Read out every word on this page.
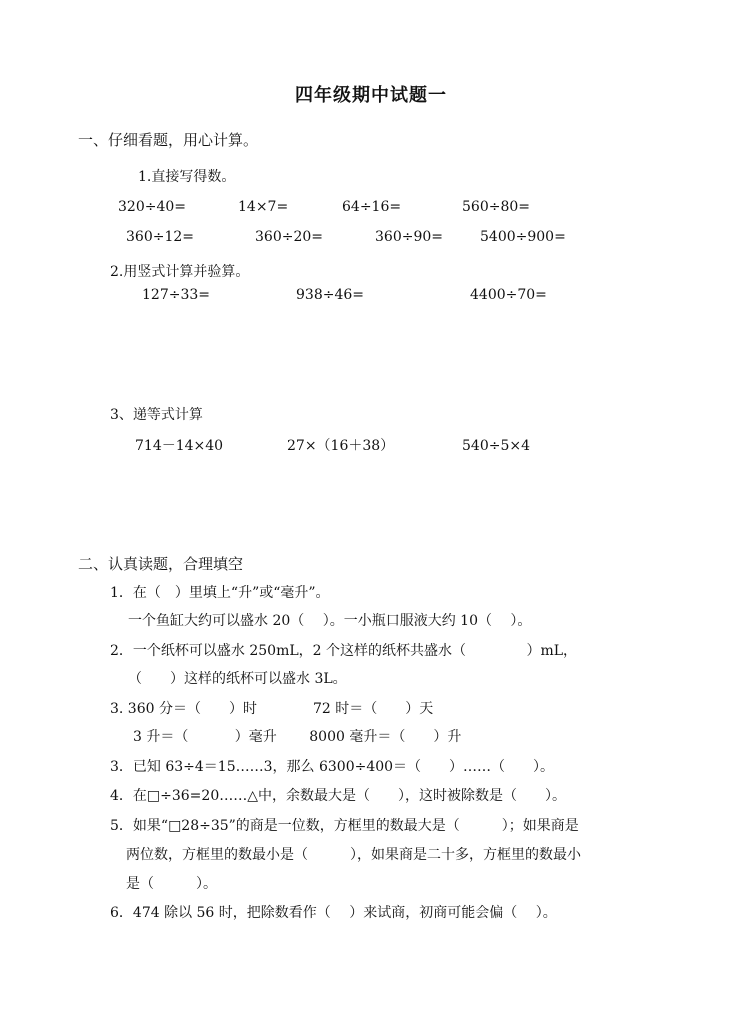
四年级期中试题一
一、仔细看题，用心计算。
1.直接写得数。
320÷40=	14×7=	64÷16=	560÷80=
360÷12=	360÷20=	360÷90=	5400÷900=
2.用竖式计算并验算。
127÷33=	938÷46=	4400÷70=
3、递等式计算
714－14×40	27×（16＋38）	540÷5×4
二、认真读题，合理填空
1．在（　）里填上“升”或“毫升”。
一个鱼缸大约可以盛水 20（　 ）。一小瓶口服液大约 10（　 ）。
2．一个纸杯可以盛水 250mL，2 个这样的纸杯共盛水（　　　　 ）mL，
（　　）这样的纸杯可以盛水 3L。
3. 360 分＝（　　）时　　　　72 时＝（　　）天
3 升＝（　　　 ）毫升　　 8000 毫升＝（　　）升
3．已知 63÷4＝15……3，那么 6300÷400＝（　　）……（　　）。
4．在□÷36=20……△中，余数最大是（　　），这时被除数是（　　）。
5．如果“□28÷35”的商是一位数，方框里的数最大是（　　　）；如果商是
两位数，方框里的数最小是（　　　），如果商是二十多，方框里的数最小
是（　　　）。
6．474 除以 56 时，把除数看作（　 ）来试商，初商可能会偏（　 ）。
